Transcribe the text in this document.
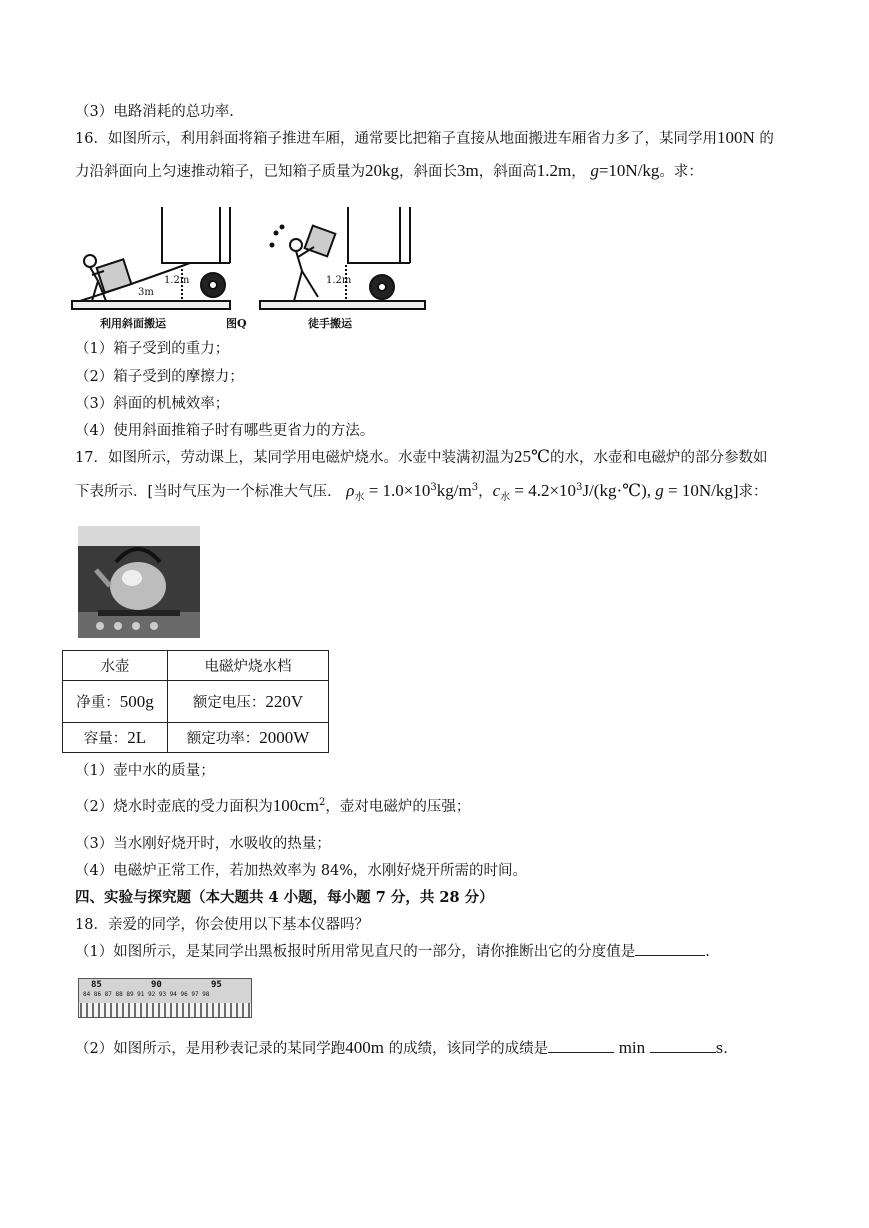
（3）电路消耗的总功率.
16．如图所示，利用斜面将箱子推进车厢，通常要比把箱子直接从地面搬进车厢省力多了，某同学用100N 的
力沿斜面向上匀速推动箱子，已知箱子质量为20kg，斜面长3m，斜面高1.2m， g=10N/kg。求：
3m
1.2m	1.2m
利用斜面搬运	图Q	徒手搬运
（1）箱子受到的重力；
（2）箱子受到的摩擦力；
（3）斜面的机械效率；
（4）使用斜面推箱子时有哪些更省力的方法。
17．如图所示，劳动课上，某同学用电磁炉烧水。水壶中装满初温为25℃的水，水壶和电磁炉的部分参数如
下表所示．[当时气压为一个标准大气压． $\rho_水 = 1.0\times 10^3kg/m^3$，$c_水$ = $4.2\times 10^3J/(kg\cdot℃)$, g = 10N/kg]求：
水壶	电磁炉烧水档
净重：500g	额定电压：220V
容量：2L	额定功率：2000W
（1）壶中水的质量；
（2）烧水时壶底的受力面积为$100cm^2$，壶对电磁炉的压强；
（3）当水刚好烧开时，水吸收的热量；
（4）电磁炉正常工作，若加热效率为 84%，水刚好烧开所需的时间。
四、实验与探究题（本大题共 4 小题，每小题 7 分，共 28 分）
18．亲爱的同学，你会使用以下基本仪器吗？
（1）如图所示，是某同学出黑板报时所用常见直尺的一部分，请你推断出它的分度值是	.
85	90	95
84 86 87 88 89 91 92 93 94 96 97 98
（2）如图所示，是用秒表记录的某同学跑400m 的成绩，该同学的成绩是	min	s.
